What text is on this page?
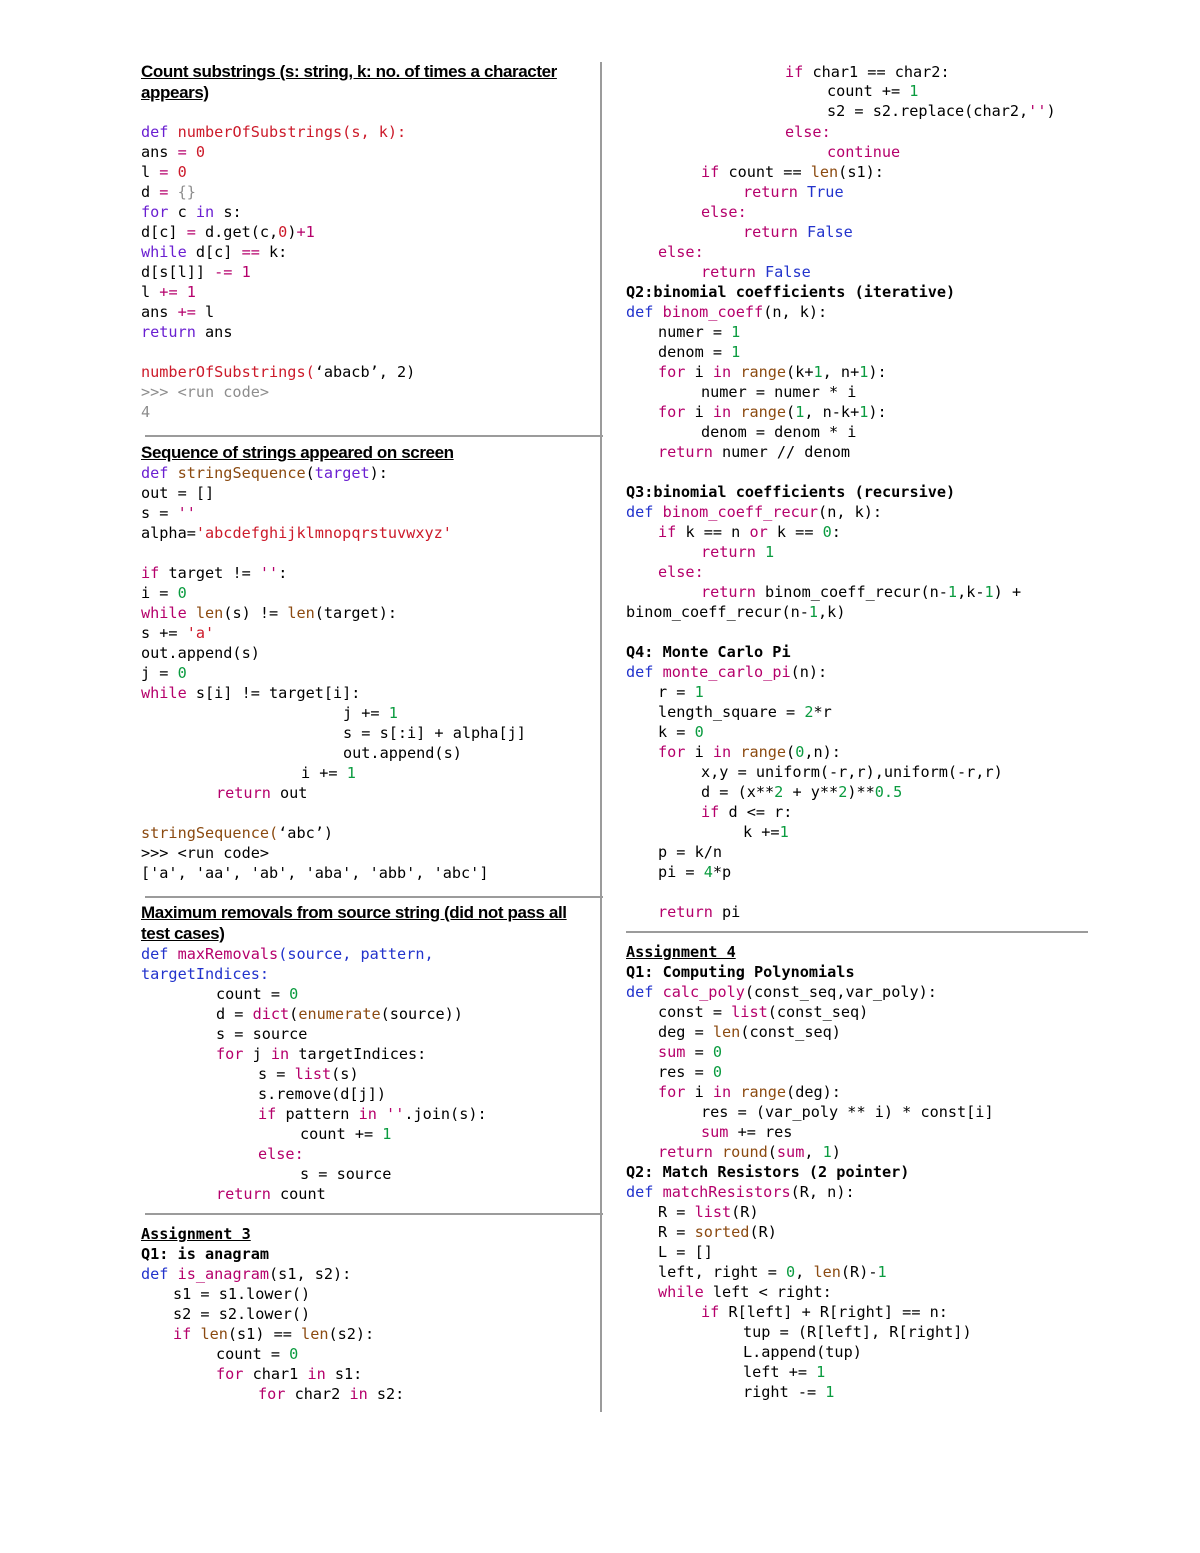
Count substrings (s: string, k: no. of times a character
appears)
def numberOfSubstrings(s, k):
ans = 0
l = 0
d = {}
for c in s:
d[c] = d.get(c,0)+1
while d[c] == k:
d[s[l]] -= 1
l += 1
ans += l
return ans
numberOfSubstrings(‘abacb’, 2)
>>> <run code>
4
Sequence of strings appeared on screen
def stringSequence(target):
out = []
s = ''
alpha='abcdefghijklmnopqrstuvwxyz'
if target != '':
i = 0
while len(s) != len(target):
s += 'a'
out.append(s)
j = 0
while s[i] != target[i]:
j += 1
s = s[:i] + alpha[j]
out.append(s)
i += 1
return out
stringSequence(‘abc’)
>>> <run code>
['a', 'aa', 'ab', 'aba', 'abb', 'abc']
Maximum removals from source string (did not pass all
test cases)
def maxRemovals(source, pattern,
targetIndices:
count = 0
d = dict(enumerate(source))
s = source
for j in targetIndices:
s = list(s)
s.remove(d[j])
if pattern in ''.join(s):
count += 1
else:
s = source
return count
Assignment 3
Q1: is anagram
def is_anagram(s1, s2):
s1 = s1.lower()
s2 = s2.lower()
if len(s1) == len(s2):
count = 0
for char1 in s1:
for char2 in s2:
if char1 == char2:
count += 1
s2 = s2.replace(char2,'')
else:
continue
if count == len(s1):
return True
else:
return False
else:
return False
Q2:binomial coefficients (iterative)
def binom_coeff(n, k):
numer = 1
denom = 1
for i in range(k+1, n+1):
numer = numer * i
for i in range(1, n-k+1):
denom = denom * i
return numer // denom
Q3:binomial coefficients (recursive)
def binom_coeff_recur(n, k):
if k == n or k == 0:
return 1
else:
return binom_coeff_recur(n-1,k-1) +
binom_coeff_recur(n-1,k)
Q4: Monte Carlo Pi
def monte_carlo_pi(n):
r = 1
length_square = 2*r
k = 0
for i in range(0,n):
x,y = uniform(-r,r),uniform(-r,r)
d = (x**2 + y**2)**0.5
if d <= r:
k +=1
p = k/n
pi = 4*p
return pi
Assignment 4
Q1: Computing Polynomials
def calc_poly(const_seq,var_poly):
const = list(const_seq)
deg = len(const_seq)
sum = 0
res = 0
for i in range(deg):
res = (var_poly ** i) * const[i]
sum += res
return round(sum, 1)
Q2: Match Resistors (2 pointer)
def matchResistors(R, n):
R = list(R)
R = sorted(R)
L = []
left, right = 0, len(R)-1
while left < right:
if R[left] + R[right] == n:
tup = (R[left], R[right])
L.append(tup)
left += 1
right -= 1
